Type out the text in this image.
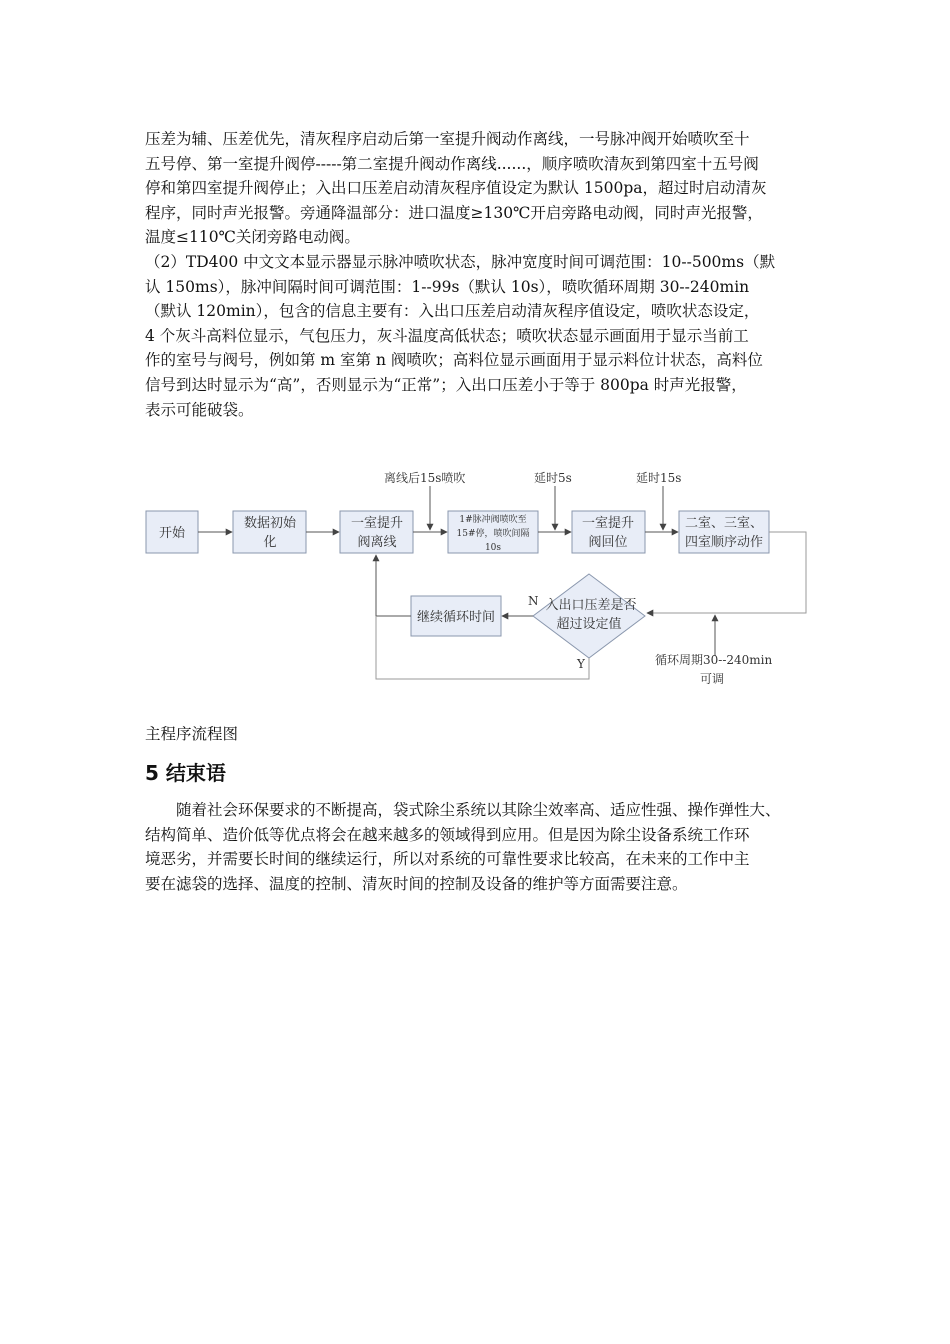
压差为辅、压差优先，清灰程序启动后第一室提升阀动作离线，一号脉冲阀开始喷吹至十
五号停、第一室提升阀停-----第二室提升阀动作离线......，顺序喷吹清灰到第四室十五号阀
停和第四室提升阀停止；入出口压差启动清灰程序值设定为默认 1500pa，超过时启动清灰
程序，同时声光报警。旁通降温部分：进口温度≥130℃开启旁路电动阀，同时声光报警，
温度≤110℃关闭旁路电动阀。
（2）TD400 中文文本显示器显示脉冲喷吹状态，脉冲宽度时间可调范围：10--500ms（默
认 150ms），脉冲间隔时间可调范围：1--99s（默认 10s），喷吹循环周期 30--240min
（默认 120min），包含的信息主要有：入出口压差启动清灰程序值设定，喷吹状态设定，
4 个灰斗高料位显示，气包压力，灰斗温度高低状态；喷吹状态显示画面用于显示当前工
作的室号与阀号，例如第 m 室第 n 阀喷吹；高料位显示画面用于显示料位计状态，高料位
信号到达时显示为“高”，否则显示为“正常”；入出口压差小于等于 800pa 时声光报警，
表示可能破袋。
开始
数据初始
化
一室提升
阀离线
1#脉冲阀喷吹至
15#停，喷吹间隔
10s
一室提升
阀回位
二室、三室、
四室顺序动作
入出口压差是否
超过设定值
继续循环时间
离线后15s喷吹	延时5s	延时15s
循环周期30--240min
可调
N
Y

主程序流程图

5 结束语
随着社会环保要求的不断提高，袋式除尘系统以其除尘效率高、适应性强、操作弹性大、
结构简单、造价低等优点将会在越来越多的领域得到应用。但是因为除尘设备系统工作环
境恶劣，并需要长时间的继续运行，所以对系统的可靠性要求比较高，在未来的工作中主
要在滤袋的选择、温度的控制、清灰时间的控制及设备的维护等方面需要注意。
